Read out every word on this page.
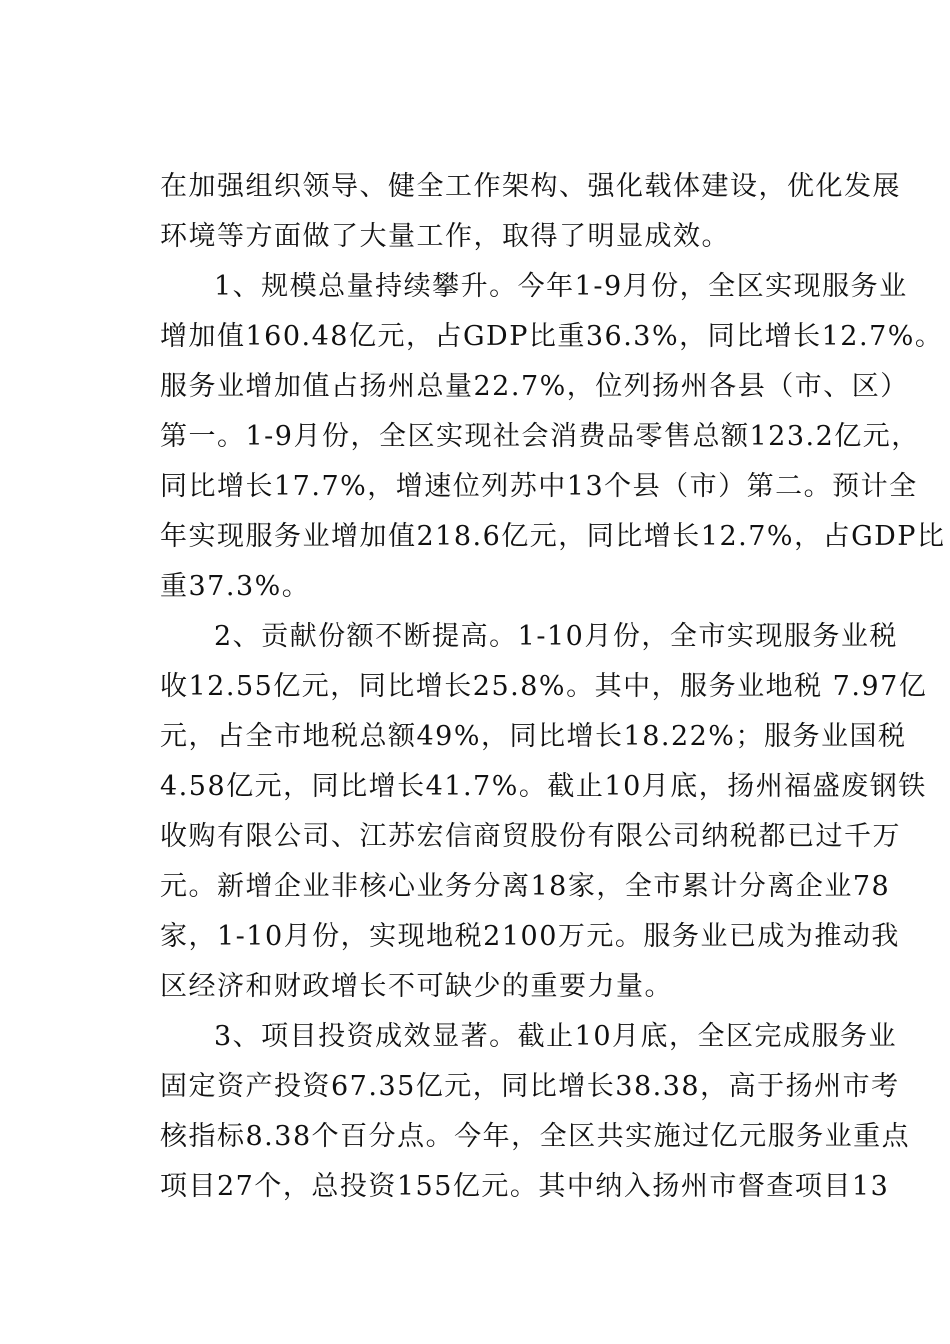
在加强组织领导、健全工作架构、强化载体建设，优化发展
环境等方面做了大量工作，取得了明显成效。
1、规模总量持续攀升。今年1-9月份，全区实现服务业
增加值160.48亿元，占GDP比重36.3%，同比增长12.7%。
服务业增加值占扬州总量22.7%，位列扬州各县（市、区）
第一。1-9月份，全区实现社会消费品零售总额123.2亿元，
同比增长17.7%，增速位列苏中13个县（市）第二。预计全
年实现服务业增加值218.6亿元，同比增长12.7%，占GDP比
重37.3%。
2、贡献份额不断提高。1-10月份，全市实现服务业税
收12.55亿元，同比增长25.8%。其中，服务业地税 7.97亿
元，占全市地税总额49%，同比增长18.22%；服务业国税
4.58亿元，同比增长41.7%。截止10月底，扬州福盛废钢铁
收购有限公司、江苏宏信商贸股份有限公司纳税都已过千万
元。新增企业非核心业务分离18家，全市累计分离企业78
家，1-10月份，实现地税2100万元。服务业已成为推动我
区经济和财政增长不可缺少的重要力量。
3、项目投资成效显著。截止10月底，全区完成服务业
固定资产投资67.35亿元，同比增长38.38，高于扬州市考
核指标8.38个百分点。今年，全区共实施过亿元服务业重点
项目27个，总投资155亿元。其中纳入扬州市督查项目13
